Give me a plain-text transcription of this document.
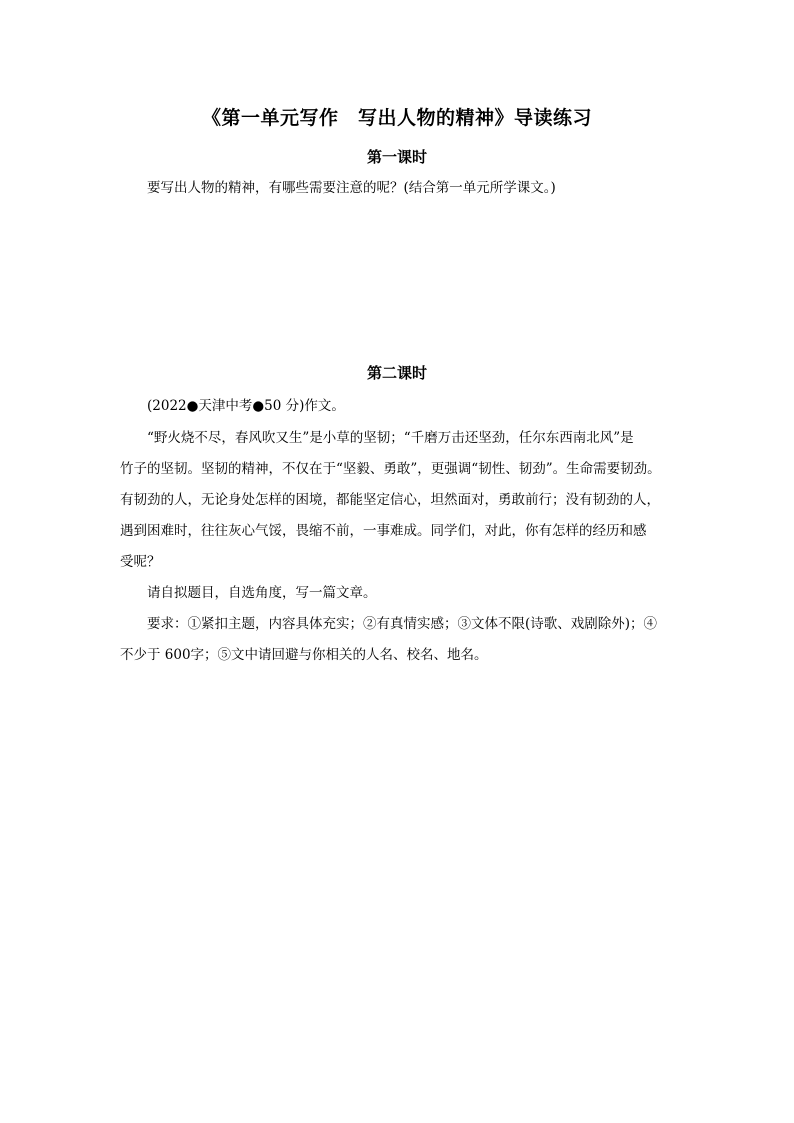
《第一单元写作　写出人物的精神》导读练习
第一课时
要写出人物的精神，有哪些需要注意的呢？(结合第一单元所学课文。)
第二课时
(2022●天津中考●50 分)作文。
“野火烧不尽，春风吹又生”是小草的坚韧；“千磨万击还坚劲，任尔东西南北风”是
竹子的坚韧。坚韧的精神，不仅在于“坚毅、勇敢”，更强调“韧性、韧劲”。生命需要韧劲。
有韧劲的人，无论身处怎样的困境，都能坚定信心，坦然面对，勇敢前行；没有韧劲的人，
遇到困难时，往往灰心气馁，畏缩不前，一事难成。同学们，对此，你有怎样的经历和感
受呢？
请自拟题目，自选角度，写一篇文章。
要求：①紧扣主题，内容具体充实；②有真情实感；③文体不限(诗歌、戏剧除外)；④
不少于 600字；⑤文中请回避与你相关的人名、校名、地名。
